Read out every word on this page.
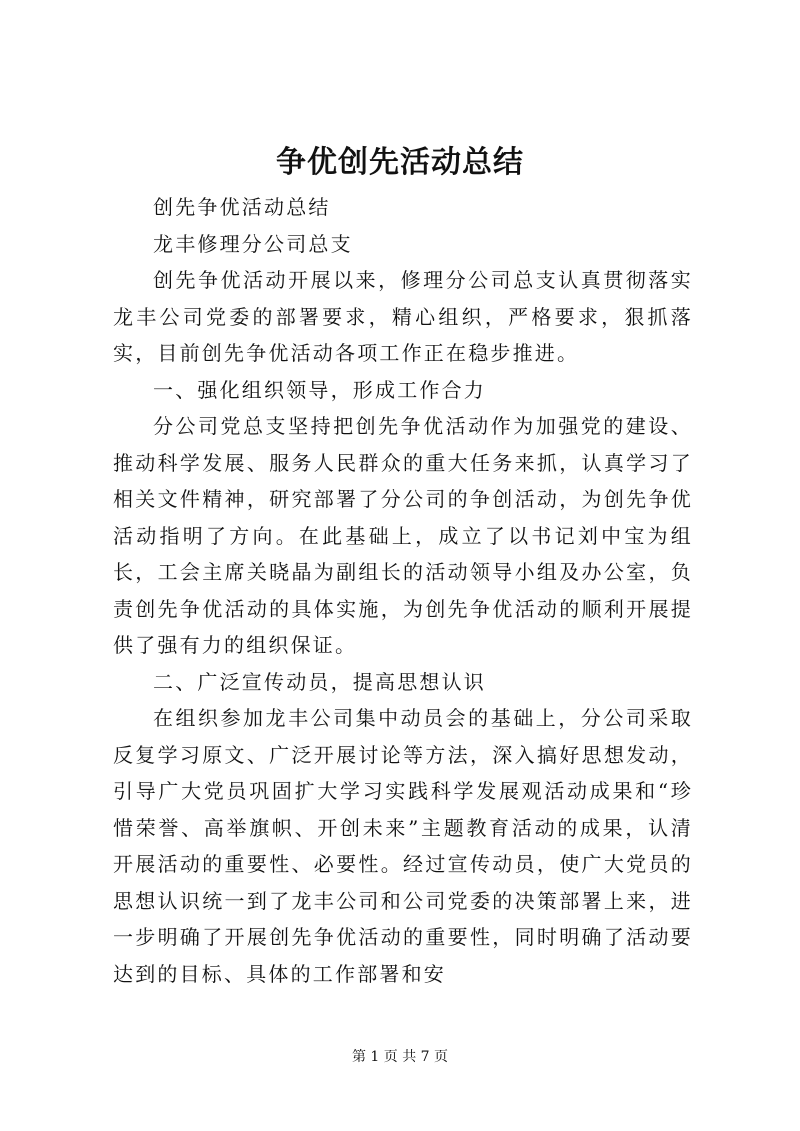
争优创先活动总结

创先争优活动总结

龙丰修理分公司总支

创先争优活动开展以来，修理分公司总支认真贯彻落实龙丰公司党委的部署要求，精心组织，严格要求，狠抓落实，目前创先争优活动各项工作正在稳步推进。

一、强化组织领导，形成工作合力

分公司党总支坚持把创先争优活动作为加强党的建设、推动科学发展、服务人民群众的重大任务来抓，认真学习了相关文件精神，研究部署了分公司的争创活动，为创先争优活动指明了方向。在此基础上，成立了以书记刘中宝为组长，工会主席关晓晶为副组长的活动领导小组及办公室，负责创先争优活动的具体实施，为创先争优活动的顺利开展提供了强有力的组织保证。

二、广泛宣传动员，提高思想认识

在组织参加龙丰公司集中动员会的基础上，分公司采取反复学习原文、广泛开展讨论等方法，深入搞好思想发动，引导广大党员巩固扩大学习实践科学发展观活动成果和“珍惜荣誉、高举旗帜、开创未来”主题教育活动的成果，认清开展活动的重要性、必要性。经过宣传动员，使广大党员的思想认识统一到了龙丰公司和公司党委的决策部署上来，进一步明确了开展创先争优活动的重要性，同时明确了活动要达到的目标、具体的工作部署和安

第 1 页 共 7 页
